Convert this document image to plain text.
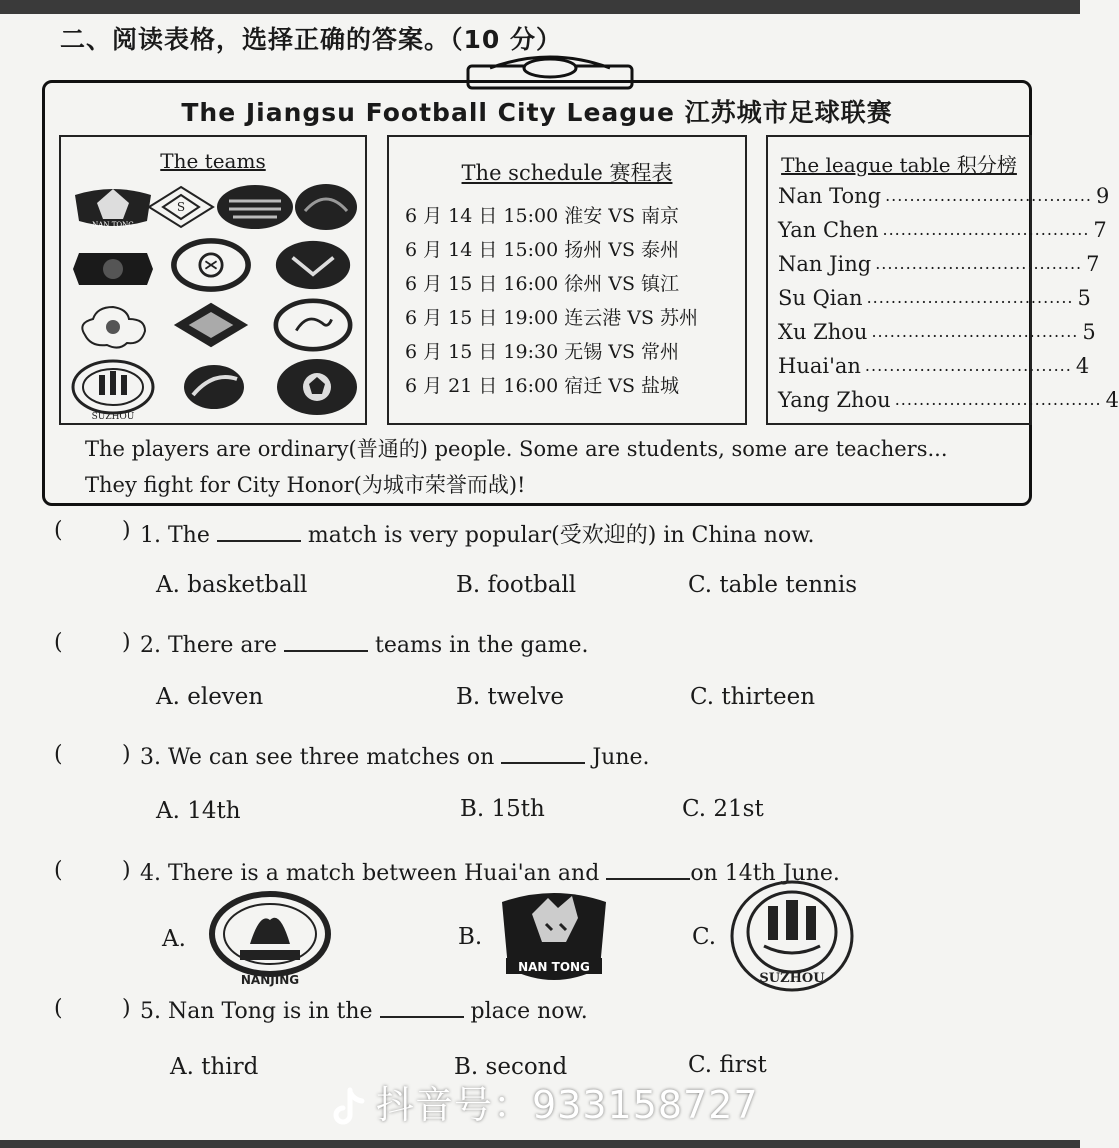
二、阅读表格，选择正确的答案。（10 分）
The Jiangsu Football City League 江苏城市足球联赛
The teams
NAN TONG
S
SUZHOU
The schedule 赛程表
6 月 14 日 15:00 淮安 VS 南京
6 月 14 日 15:00 扬州 VS 泰州
6 月 15 日 16:00 徐州 VS 镇江
6 月 15 日 19:00 连云港 VS 苏州
6 月 15 日 19:30 无锡 VS 常州
6 月 21 日 16:00 宿迁 VS 盐城
The league table 积分榜
Nan Tong .................................. 9
Yan Chen .................................. 7
Nan Jing .................................. 7
Su Qian .................................. 5
Xu Zhou .................................. 5
Huai'an .................................. 4
Yang Zhou .................................. 4
The players are ordinary(普通的) people. Some are students, some are teachers...
They fight for City Honor(为城市荣誉而战)!
(	) 1. The	match is very popular(受欢迎的) in China now.
A. basketball	B. football	C. table tennis
(	) 2. There are	teams in the game.
A. eleven	B. twelve	C. thirteen
(	) 3. We can see three matches on	June.
A. 14th	B. 15th	C. 21st
(	) 4. There is a match between Huai'an and	on 14th June.
A.	B.	C.
NANJING
NAN TONG
SUZHOU
(	) 5. Nan Tong is in the	place now.
A. third	B. second	C. first
抖音号：933158727
